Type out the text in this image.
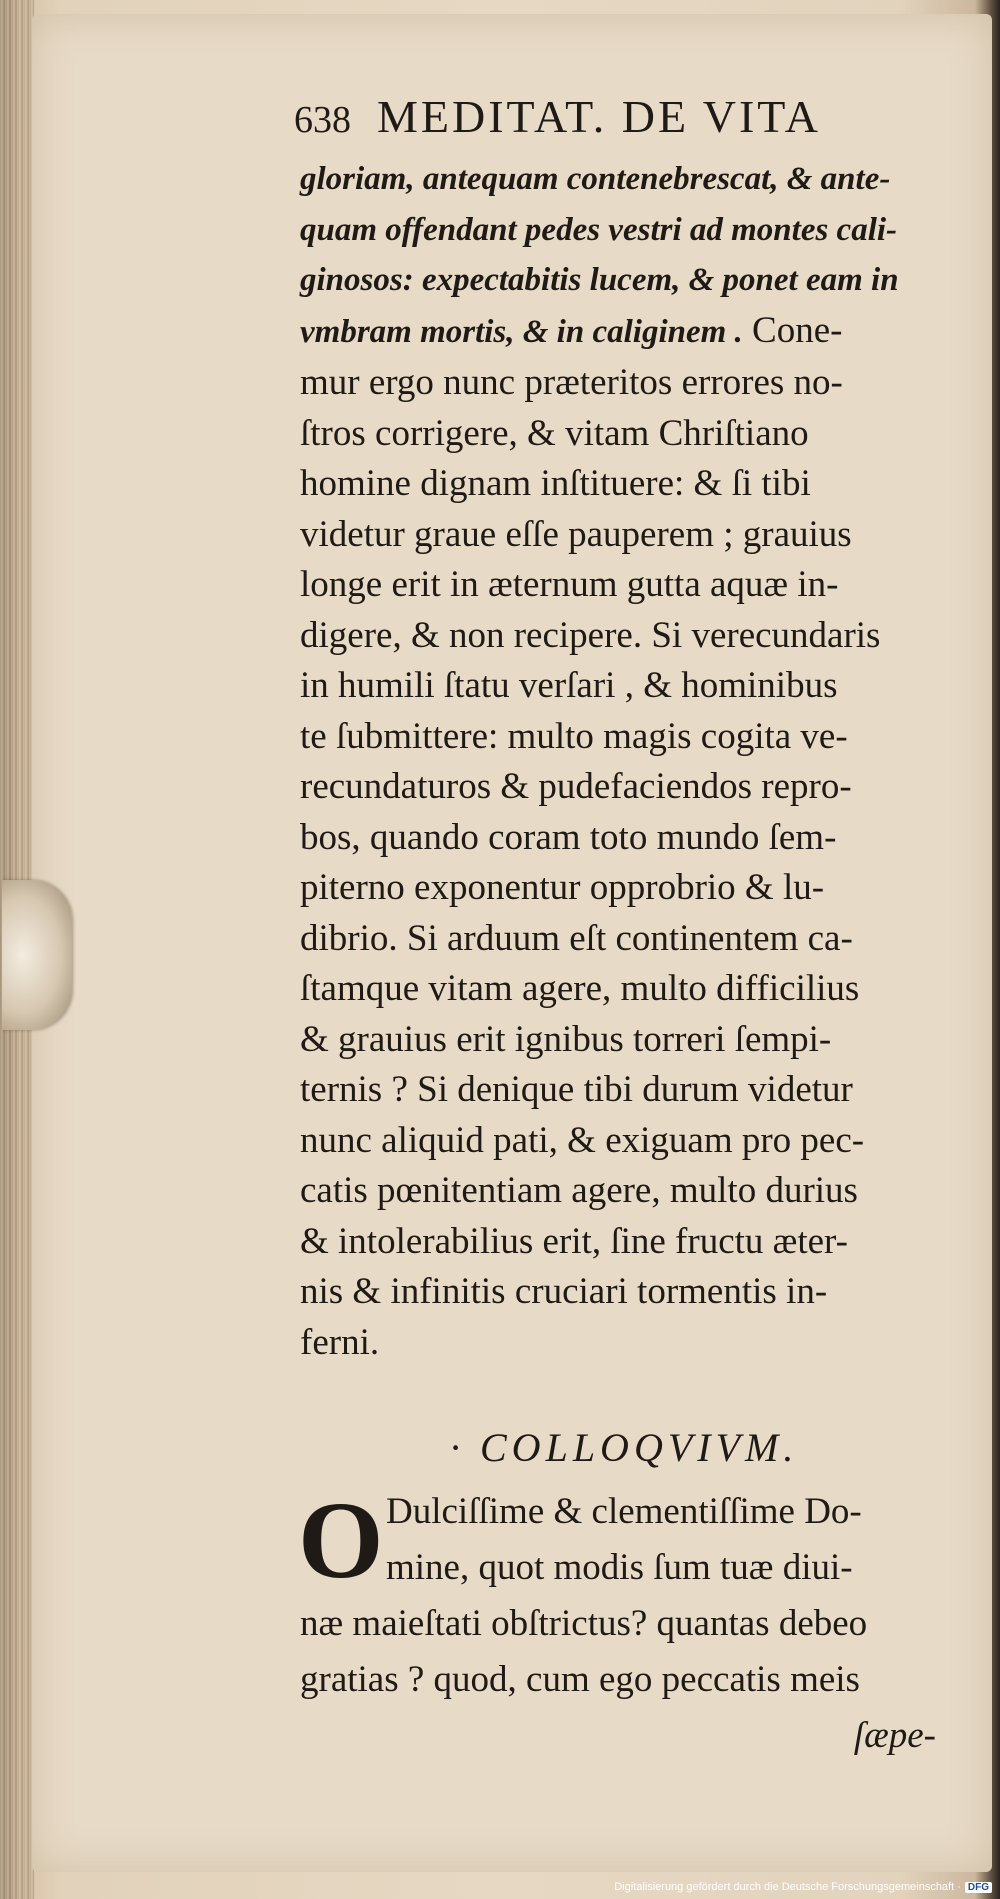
638 MEDITAT. DE VITA
gloriam, antequam contenebrescat, & ante-
quam offendant pedes vestri ad montes cali-
ginosos: expectabitis lucem, & ponet eam in
vmbram mortis, & in caliginem . Cone-
mur ergo nunc præteritos errores no-
ſtros corrigere, & vitam Chriſtiano
homine dignam inſtituere: & ſi tibi
videtur graue eſſe pauperem ; grauius
longe erit in æternum gutta aquæ in-
digere, & non recipere. Si verecundaris
in humili ſtatu verſari , & hominibus
te ſubmittere: multo magis cogita ve-
recundaturos & pudefaciendos repro-
bos, quando coram toto mundo ſem-
piterno exponentur opprobrio & lu-
dibrio. Si arduum eſt continentem ca-
ſtamque vitam agere, multo difficilius
& grauius erit ignibus torreri ſempi-
ternis ? Si denique tibi durum videtur
nunc aliquid pati, & exiguam pro pec-
catis pœnitentiam agere, multo durius
& intolerabilius erit, ſine fructu æter-
nis & infinitis cruciari tormentis in-
ferni.
· COLLOQVIVM.
O Dulciſſime & clementiſſime Do-
mine, quot modis ſum tuæ diui-
næ maieſtati obſtrictus? quantas debeo
gratias ? quod, cum ego peccatis meis
ſæpe-
Digitalisierung gefördert durch die Deutsche Forschungsgemeinschaft · DFG
